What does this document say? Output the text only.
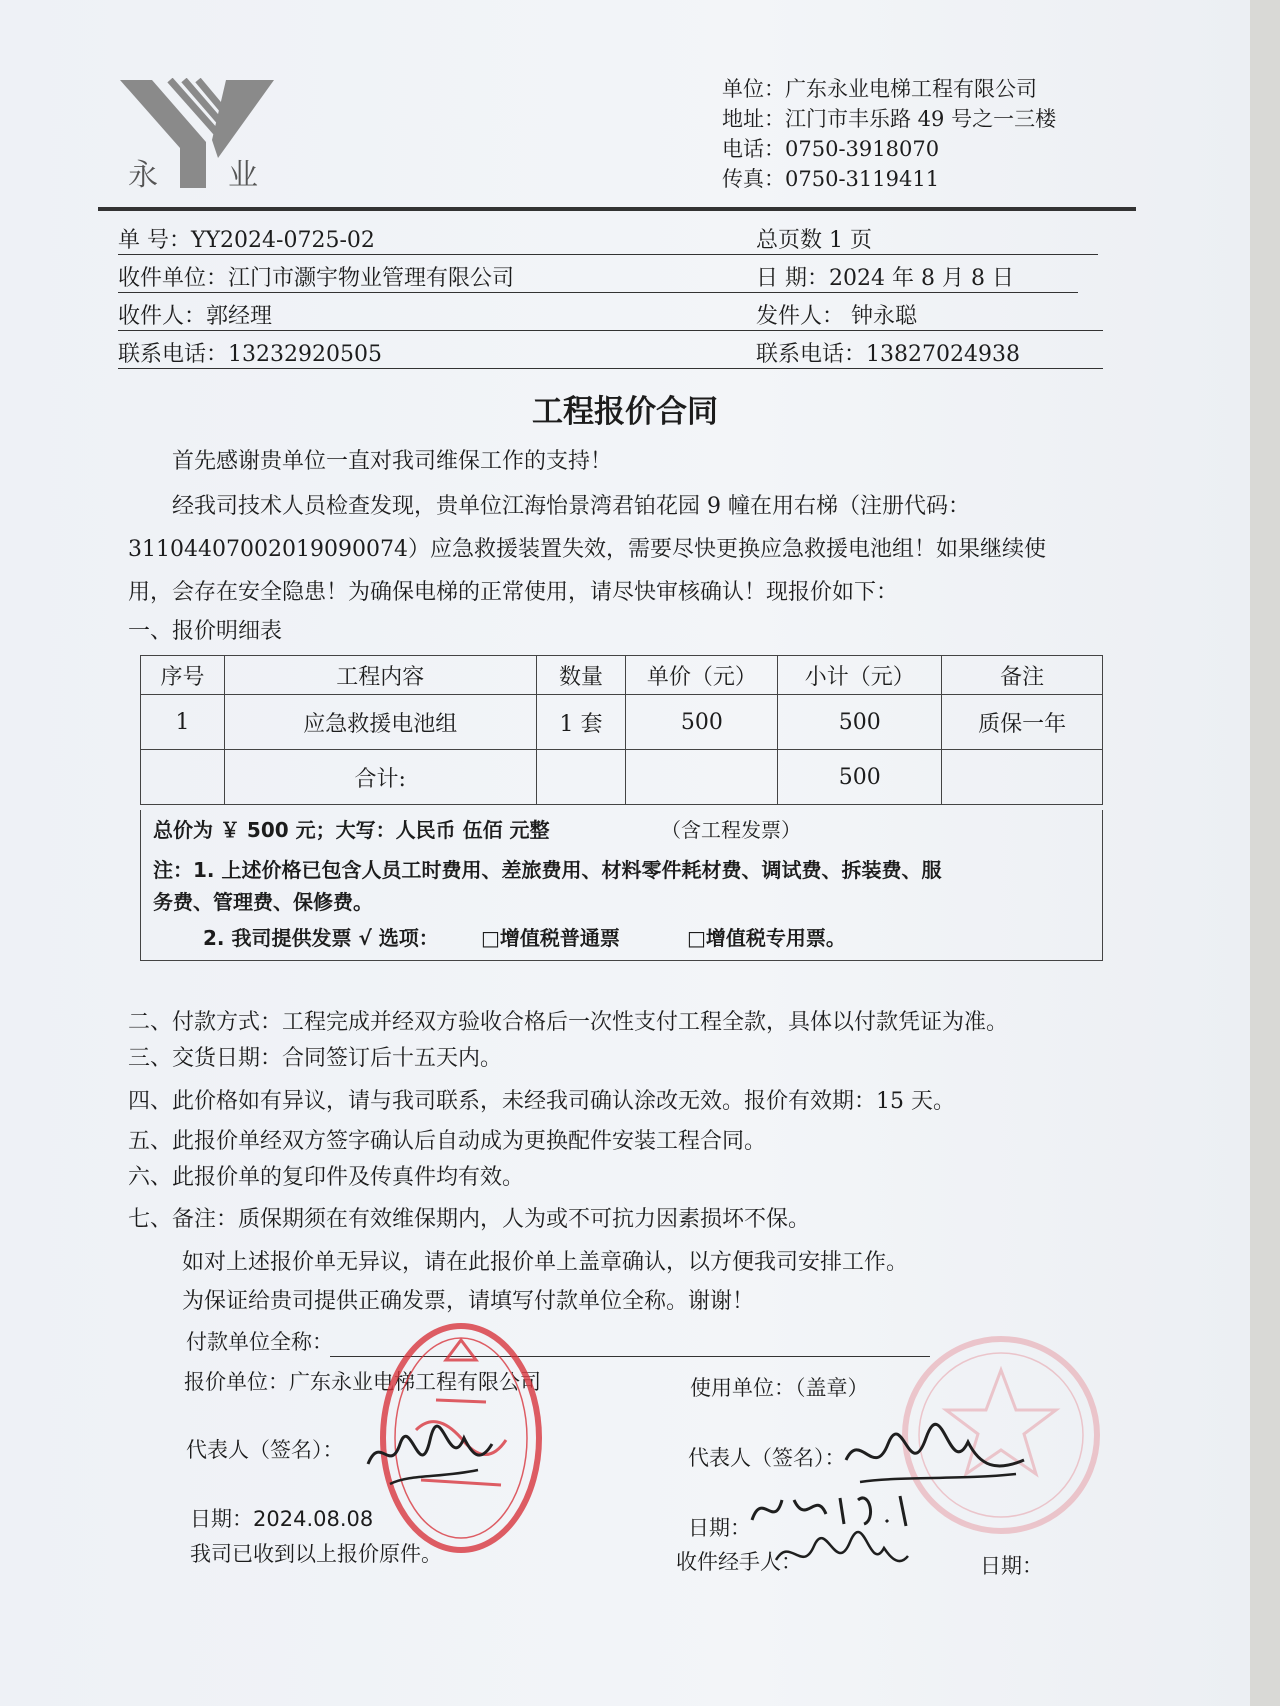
永 业
单位：广东永业电梯工程有限公司
地址：江门市丰乐路 49 号之一三楼
电话：0750-3918070
传真：0750-3119411
单 号：YY2024-0725-02	总页数 1 页
收件单位：江门市灏宇物业管理有限公司	日 期：2024 年 8 月 8 日
收件人：郭经理	发件人： 钟永聪
联系电话：13232920505	联系电话：13827024938
工程报价合同
首先感谢贵单位一直对我司维保工作的支持！
经我司技术人员检查发现，贵单位江海怡景湾君铂花园 9 幢在用右梯（注册代码：
31104407002019090074）应急救援装置失效，需要尽快更换应急救援电池组！如果继续使
用，会存在安全隐患！为确保电梯的正常使用，请尽快审核确认！现报价如下：
一、报价明细表
序号	工程内容	数量	单价（元）	小计（元）	备注
1	应急救援电池组	1 套	500	500	质保一年
	合计:			500	
总价为 ￥ 500 元；大写：人民币 伍佰 元整	（含工程发票）
注：1. 上述价格已包含人员工时费用、差旅费用、材料零件耗材费、调试费、拆装费、服
务费、管理费、保修费。
2. 我司提供发票 √ 选项： □增值税普通票	□增值税专用票。
二、付款方式：工程完成并经双方验收合格后一次性支付工程全款，具体以付款凭证为准。
三、交货日期：合同签订后十五天内。
四、此价格如有异议，请与我司联系，未经我司确认涂改无效。报价有效期：15 天。
五、此报价单经双方签字确认后自动成为更换配件安装工程合同。
六、此报价单的复印件及传真件均有效。
七、备注：质保期须在有效维保期内，人为或不可抗力因素损坏不保。
如对上述报价单无异议，请在此报价单上盖章确认，以方便我司安排工作。
为保证给贵司提供正确发票，请填写付款单位全称。谢谢！
付款单位全称：
报价单位：广东永业电梯工程有限公司	使用单位：（盖章）
代表人（签名）：	代表人（签名）：
日期：2024.08.08	日期：
我司已收到以上报价原件。	收件经手人：	日期：
